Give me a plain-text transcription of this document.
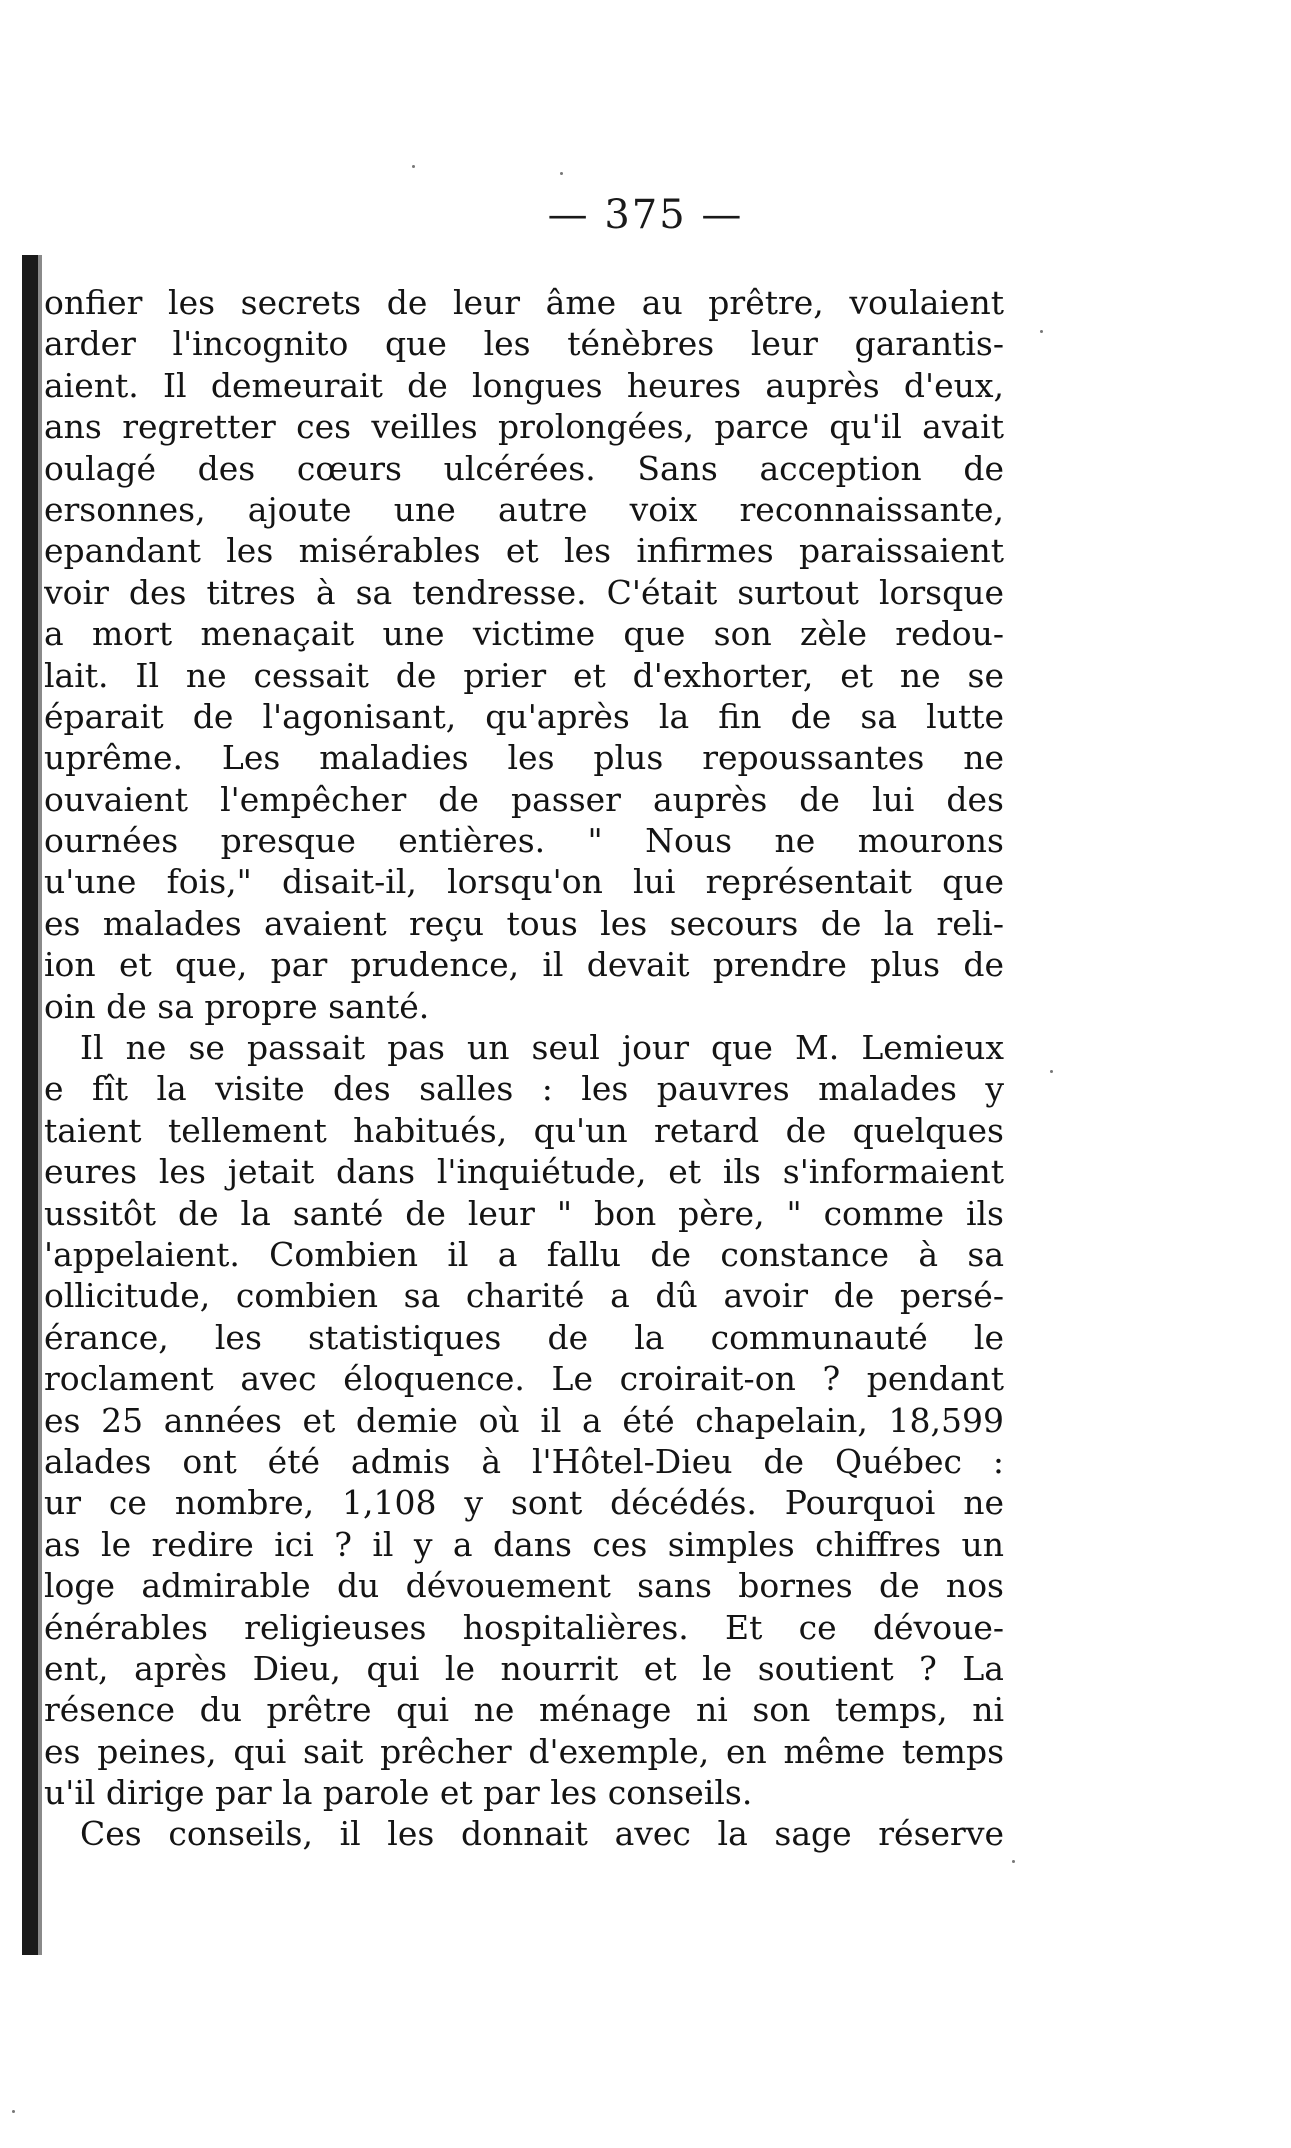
— 375 —
onfier les secrets de leur âme au prêtre, voulaient
arder l'incognito que les ténèbres leur garantis-
aient. Il demeurait de longues heures auprès d'eux,
ans regretter ces veilles prolongées, parce qu'il avait
oulagé des cœurs ulcérées. Sans acception de
ersonnes, ajoute une autre voix reconnaissante,
epandant les misérables et les infirmes paraissaient
voir des titres à sa tendresse. C'était surtout lorsque
a mort menaçait une victime que son zèle redou-
lait. Il ne cessait de prier et d'exhorter, et ne se
éparait de l'agonisant, qu'après la fin de sa lutte
uprême. Les maladies les plus repoussantes ne
ouvaient l'empêcher de passer auprès de lui des
ournées presque entières. " Nous ne mourons
u'une fois," disait-il, lorsqu'on lui représentait que
es malades avaient reçu tous les secours de la reli-
ion et que, par prudence, il devait prendre plus de
oin de sa propre santé.
Il ne se passait pas un seul jour que M. Lemieux
e fît la visite des salles : les pauvres malades y
taient tellement habitués, qu'un retard de quelques
eures les jetait dans l'inquiétude, et ils s'informaient
ussitôt de la santé de leur " bon père, " comme ils
'appelaient. Combien il a fallu de constance à sa
ollicitude, combien sa charité a dû avoir de persé-
érance, les statistiques de la communauté le
roclament avec éloquence. Le croirait-on ? pendant
es 25 années et demie où il a été chapelain, 18,599
alades ont été admis à l'Hôtel-Dieu de Québec :
ur ce nombre, 1,108 y sont décédés. Pourquoi ne
as le redire ici ? il y a dans ces simples chiffres un
loge admirable du dévouement sans bornes de nos
énérables religieuses hospitalières. Et ce dévoue-
ent, après Dieu, qui le nourrit et le soutient ? La
résence du prêtre qui ne ménage ni son temps, ni
es peines, qui sait prêcher d'exemple, en même temps
u'il dirige par la parole et par les conseils.
Ces conseils, il les donnait avec la sage réserve
